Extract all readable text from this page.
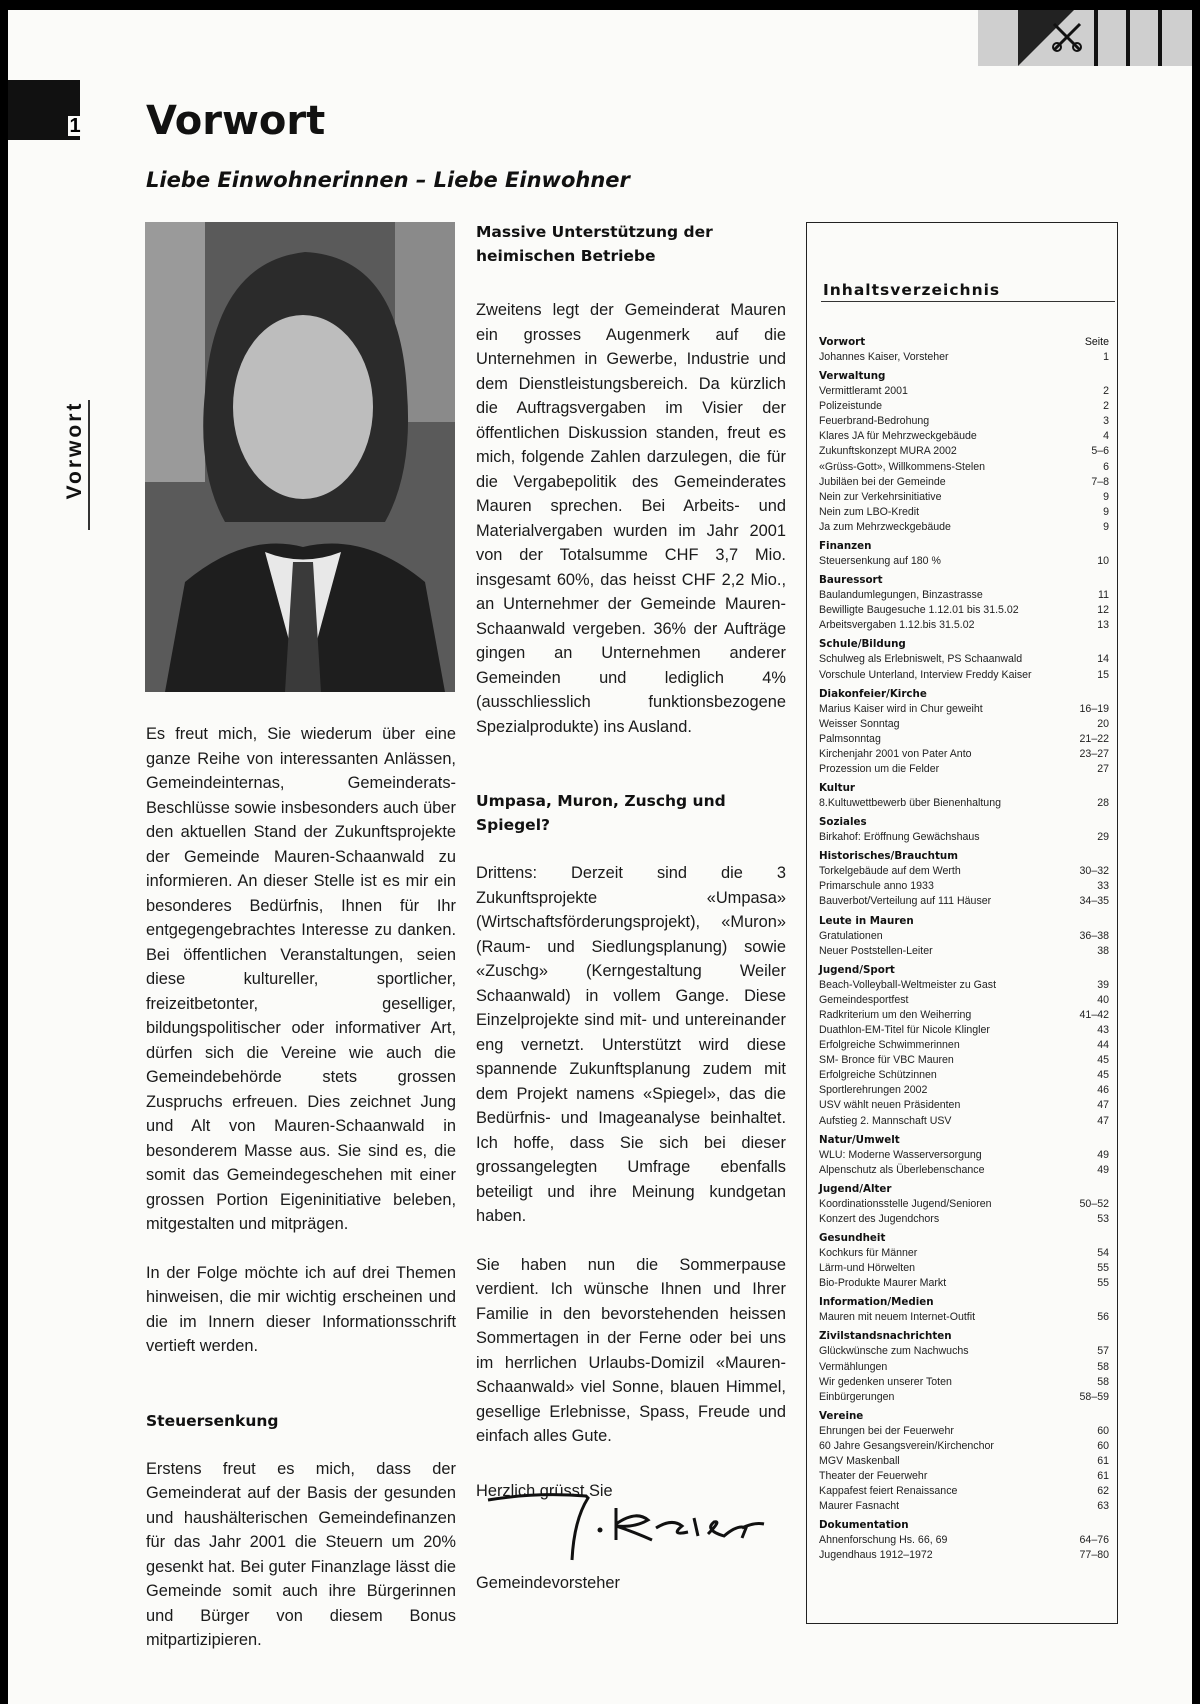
1
Vorwort
Vorwort
Liebe Einwohnerinnen – Liebe Einwohner

Es freut mich, Sie wiederum über eine ganze Reihe von interessanten Anlässen, Gemeindeinternas, Gemeinderats-Beschlüsse sowie insbesonders auch über den aktuellen Stand der Zukunftsprojekte der Gemeinde Mauren-Schaanwald zu informieren. An dieser Stelle ist es mir ein besonderes Bedürfnis, Ihnen für Ihr entgegengebrachtes Interesse zu danken. Bei öffentlichen Veranstaltungen, seien diese kultureller, sportlicher, freizeitbetonter, geselliger, bildungspolitischer oder informativer Art, dürfen sich die Vereine wie auch die Gemeindebehörde stets grossen Zuspruchs erfreuen. Dies zeichnet Jung und Alt von Mauren-Schaanwald in besonderem Masse aus. Sie sind es, die somit das Gemeindegeschehen mit einer grossen Portion Eigeninitiative beleben, mitgestalten und mitprägen.

In der Folge möchte ich auf drei Themen hinweisen, die mir wichtig erscheinen und die im Innern dieser Informationsschrift vertieft werden.

Steuersenkung

Erstens freut es mich, dass der Gemeinderat auf der Basis der gesunden und haushälterischen Gemeindefinanzen für das Jahr 2001 die Steuern um 20% gesenkt hat. Bei guter Finanzlage lässt die Gemeinde somit auch ihre Bürgerinnen und Bürger von diesem Bonus mitpartizipieren.

Massive Unterstützung der heimischen Betriebe

Zweitens legt der Gemeinderat Mauren ein grosses Augenmerk auf die Unternehmen in Gewerbe, Industrie und dem Dienstleistungsbereich. Da kürzlich die Auftragsvergaben im Visier der öffentlichen Diskussion standen, freut es mich, folgende Zahlen darzulegen, die für die Vergabepolitik des Gemeinderates Mauren sprechen. Bei Arbeits- und Materialvergaben wurden im Jahr 2001 von der Totalsumme CHF 3,7 Mio. insgesamt 60%, das heisst CHF 2,2 Mio., an Unternehmer der Gemeinde Mauren-Schaanwald vergeben. 36% der Aufträge gingen an Unternehmen anderer Gemeinden und lediglich 4% (ausschliesslich funktionsbezogene Spezialprodukte) ins Ausland.

Umpasa, Muron, Zuschg und Spiegel?

Drittens: Derzeit sind die 3 Zukunftsprojekte «Umpasa» (Wirtschaftsförderungsprojekt), «Muron» (Raum- und Siedlungsplanung) sowie «Zuschg» (Kerngestaltung Weiler Schaanwald) in vollem Gange. Diese Einzelprojekte sind mit- und untereinander eng vernetzt. Unterstützt wird diese spannende Zukunftsplanung zudem mit dem Projekt namens «Spiegel», das die Bedürfnis- und Imageanalyse beinhaltet. Ich hoffe, dass Sie sich bei dieser grossangelegten Umfrage ebenfalls beteiligt und ihre Meinung kundgetan haben.

Sie haben nun die Sommerpause verdient. Ich wünsche Ihnen und Ihrer Familie in den bevorstehenden heissen Sommertagen in der Ferne oder bei uns im herrlichen Urlaubs-Domizil «Mauren-Schaanwald» viel Sonne, blauen Himmel, gesellige Erlebnisse, Spass, Freude und einfach alles Gute.

Herzlich grüsst Sie

Gemeindevorsteher
Inhaltsverzeichnis
Vorwort	Seite
Johannes Kaiser, Vorsteher	1
Verwaltung
Vermittleramt 2001	2
Polizeistunde	2
Feuerbrand-Bedrohung	3
Klares JA für Mehrzweckgebäude	4
Zukunftskonzept MURA 2002	5–6
«Grüss-Gott», Willkommens-Stelen	6
Jubiläen bei der Gemeinde	7–8
Nein zur Verkehrsinitiative	9
Nein zum LBO-Kredit	9
Ja zum Mehrzweckgebäude	9
Finanzen
Steuersenkung auf 180 %	10
Bauressort
Baulandumlegungen, Binzastrasse	11
Bewilligte Baugesuche 1.12.01 bis 31.5.02	12
Arbeitsvergaben 1.12.bis 31.5.02	13
Schule/Bildung
Schulweg als Erlebniswelt, PS Schaanwald	14
Vorschule Unterland, Interview Freddy Kaiser	15
Diakonfeier/Kirche
Marius Kaiser wird in Chur geweiht	16–19
Weisser Sonntag	20
Palmsonntag	21–22
Kirchenjahr 2001 von Pater Anto	23–27
Prozession um die Felder	27
Kultur
8.Kultuwettbewerb über Bienenhaltung	28
Soziales
Birkahof: Eröffnung Gewächshaus	29
Historisches/Brauchtum
Torkelgebäude auf dem Werth	30–32
Primarschule anno 1933	33
Bauverbot/Verteilung auf 111 Häuser	34–35
Leute in Mauren
Gratulationen	36–38
Neuer Poststellen-Leiter	38
Jugend/Sport
Beach-Volleyball-Weltmeister zu Gast	39
Gemeindesportfest	40
Radkriterium um den Weiherring	41–42
Duathlon-EM-Titel für Nicole Klingler	43
Erfolgreiche Schwimmerinnen	44
SM- Bronce für VBC Mauren	45
Erfolgreiche Schützinnen	45
Sportlerehrungen 2002	46
USV wählt neuen Präsidenten	47
Aufstieg 2. Mannschaft USV	47
Natur/Umwelt
WLU: Moderne Wasserversorgung	49
Alpenschutz als Überlebenschance	49
Jugend/Alter
Koordinationsstelle Jugend/Senioren	50–52
Konzert des Jugendchors	53
Gesundheit
Kochkurs für Männer	54
Lärm-und Hörwelten	55
Bio-Produkte Maurer Markt	55
Information/Medien
Mauren mit neuem Internet-Outfit	56
Zivilstandsnachrichten
Glückwünsche zum Nachwuchs	57
Vermählungen	58
Wir gedenken unserer Toten	58
Einbürgerungen	58–59
Vereine
Ehrungen bei der Feuerwehr	60
60 Jahre Gesangsverein/Kirchenchor	60
MGV Maskenball	61
Theater der Feuerwehr	61
Kappafest feiert Renaissance	62
Maurer Fasnacht	63
Dokumentation
Ahnenforschung Hs. 66, 69	64–76
Jugendhaus 1912–1972	77–80
